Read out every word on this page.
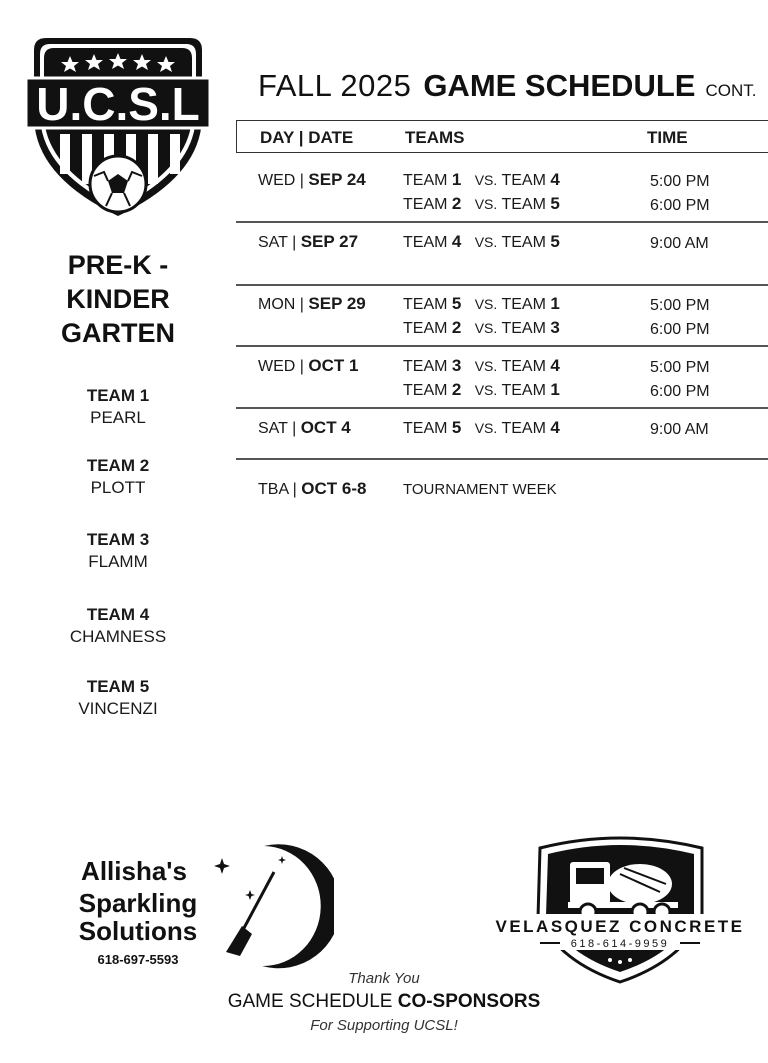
U.C.S.L
PRE-K -
KINDER
GARTEN
TEAM 1
PEARL
TEAM 2
PLOTT
TEAM 3
FLAMM
TEAM 4
CHAMNESS
TEAM 5
VINCENZI
FALL 2025 GAME SCHEDULE CONT.
DAY | DATE	TEAMS	TIME
WED | SEP 24 TEAM 1 VS. TEAM 4	5:00 PM
TEAM 2 VS. TEAM 5	6:00 PM
SAT | SEP 27	TEAM 4 VS. TEAM 5	9:00 AM
MON | SEP 29 TEAM 5 VS. TEAM 1	5:00 PM
TEAM 2 VS. TEAM 3	6:00 PM
WED | OCT 1	TEAM 3 VS. TEAM 4	5:00 PM
TEAM 2 VS. TEAM 1	6:00 PM
SAT | OCT 4	TEAM 5 VS. TEAM 4	9:00 AM
TBA | OCT 6-8 TOURNAMENT WEEK
Allisha's
Sparkling
Solutions
618-697-5593
VELASQUEZ CONCRETE
618-614-9959
Thank You
GAME SCHEDULE CO-SPONSORS
For Supporting UCSL!
